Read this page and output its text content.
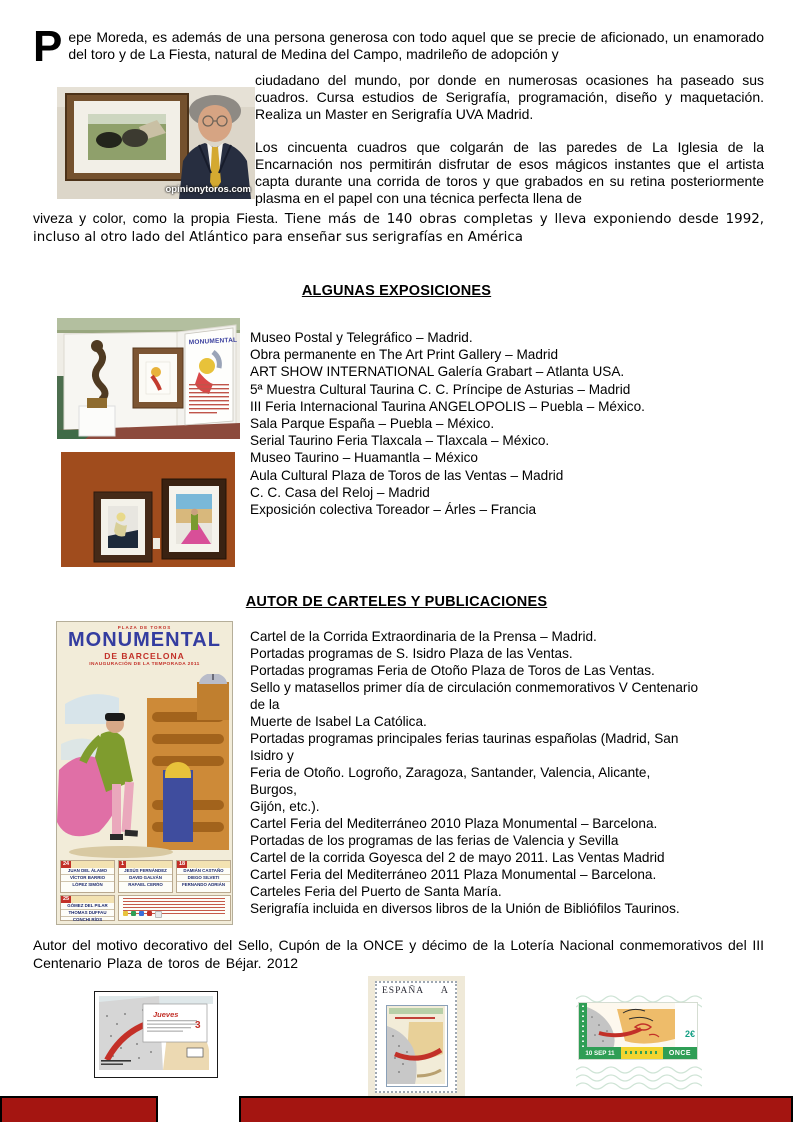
Pepe Moreda, es además de una persona generosa con todo aquel que se precie de aficionado, un enamorado del toro y de La Fiesta, natural de Medina del Campo, madrileño de adopción y

opinionytoros.com

ciudadano del mundo, por donde en numerosas ocasiones ha paseado sus cuadros. Cursa estudios de Serigrafía, programación, diseño y maquetación. Realiza un Master en Serigrafía UVA Madrid.

Los cincuenta cuadros que colgarán de las paredes de La Iglesia de la Encarnación nos permitirán disfrutar de esos mágicos instantes que el artista capta durante una corrida de toros y que grabados en su retina posteriormente plasma en el papel con una técnica perfecta llena de

viveza y color, como la propia Fiesta. Tiene más de 140 obras completas y lleva exponiendo desde 1992, incluso al otro lado del Atlántico para enseñar sus serigrafías en América

ALGUNAS EXPOSICIONES
MONUMENTAL Museo Postal y Telegráfico – Madrid.
Obra permanente en The Art Print Gallery – Madrid
ART SHOW INTERNATIONAL Galería Grabart – Atlanta USA.
5ª Muestra Cultural Taurina C. C. Príncipe de Asturias – Madrid
III Feria Internacional Taurina ANGELOPOLIS – Puebla – México.
Sala Parque España – Puebla – México.
Serial Taurino Feria Tlaxcala – Tlaxcala – México.
Museo Taurino – Huamantla – México
Aula Cultural Plaza de Toros de las Ventas – Madrid
C. C. Casa del Reloj – Madrid
Exposición colectiva Toreador – Árles – Francia
AUTOR DE CARTELES Y PUBLICACIONES
PLAZA DE TOROS
MONUMENTAL
DE BARCELONA
INAUGURACIÓN DE LA TEMPORADA 2011
24
JUAN DEL ÁLAMO
VÍCTOR BARRIO
LÓPEZ SIMÓN
1
JESÚS FERNÁNDEZ
DAVID GALVÁN
RAFAEL CERRO
18
DAMIÁN CASTAÑO
DIEGO SILVETI
FERNANDO ADRIÁN
25
GÓMEZ DEL PILAR
THOMAS DUFFAU
CONCHI RÍOS
Cartel de la Corrida Extraordinaria de la Prensa – Madrid.
Portadas programas de S. Isidro Plaza de las Ventas.
Portadas programas Feria de Otoño Plaza de Toros de Las Ventas.
Sello y matasellos primer día de circulación conmemorativos V Centenario
de la
Muerte de Isabel La Católica.
Portadas programas principales ferias taurinas españolas (Madrid, San
Isidro y
Feria de Otoño. Logroño, Zaragoza, Santander, Valencia, Alicante,
Burgos,
Gijón, etc.).
Cartel Feria del Mediterráneo 2010 Plaza Monumental – Barcelona.
Portadas de los programas de las ferias de Valencia y Sevilla
Cartel de la corrida Goyesca del 2 de mayo 2011. Las Ventas Madrid
Cartel Feria del Mediterráneo 2011 Plaza Monumental – Barcelona.
Carteles Feria del Puerto de Santa María.
Serigrafía incluida en diversos libros de la Unión de Bibliófilos Taurinos.

Autor del motivo decorativo del Sello, Cupón de la ONCE y décimo de la Lotería Nacional conmemorativos del III Centenario Plaza de toros de Béjar. 2012

Jueves
3
ESPAÑA A
2€
10 SEP 11	ONCE
